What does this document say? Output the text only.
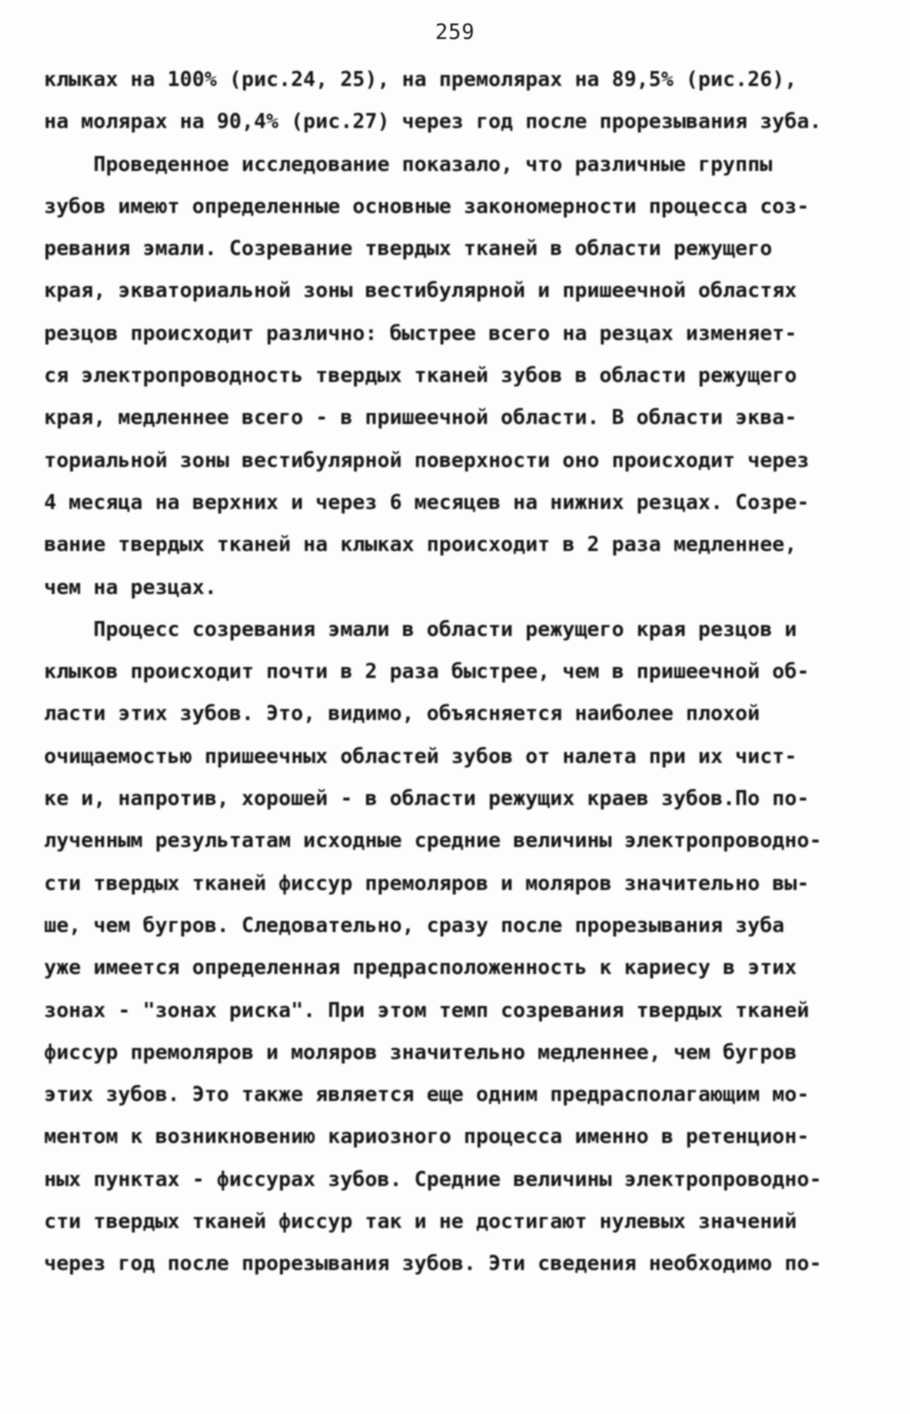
259
клыках на 100% (рис.24, 25), на премолярах на 89,5% (рис.26),
на молярах на 90,4% (рис.27) через год после прорезывания зуба.
Проведенное исследование показало, что различные группы
зубов имеют определенные основные закономерности процесса соз-
ревания эмали. Созревание твердых тканей в области режущего
края, экваториальной зоны вестибулярной и пришеечной областях
резцов происходит различно: быстрее всего на резцах изменяет-
ся электропроводность твердых тканей зубов в области режущего
края, медленнее всего - в пришеечной области. В области эква-
ториальной зоны вестибулярной поверхности оно происходит через
4 месяца на верхних и через 6 месяцев на нижних резцах. Созре-
вание твердых тканей на клыках происходит в 2 раза медленнее,
чем на резцах.
Процесс созревания эмали в области режущего края резцов и
клыков происходит почти в 2 раза быстрее, чем в пришеечной об-
ласти этих зубов. Это, видимо, объясняется наиболее плохой
очищаемостью пришеечных областей зубов от налета при их чист-
ке и, напротив, хорошей - в области режущих краев зубов.По по-
лученным результатам исходные средние величины электропроводно-
сти твердых тканей фиссур премоляров и моляров значительно вы-
ше, чем бугров. Следовательно, сразу после прорезывания зуба
уже имеется определенная предрасположенность к кариесу в этих
зонах - "зонах риска". При этом темп созревания твердых тканей
фиссур премоляров и моляров значительно медленнее, чем бугров
этих зубов. Это также является еще одним предрасполагающим мо-
ментом к возникновению кариозного процесса именно в ретенцион-
ных пунктах - фиссурах зубов. Средние величины электропроводно-
сти твердых тканей фиссур так и не достигают нулевых значений
через год после прорезывания зубов. Эти сведения необходимо по-
